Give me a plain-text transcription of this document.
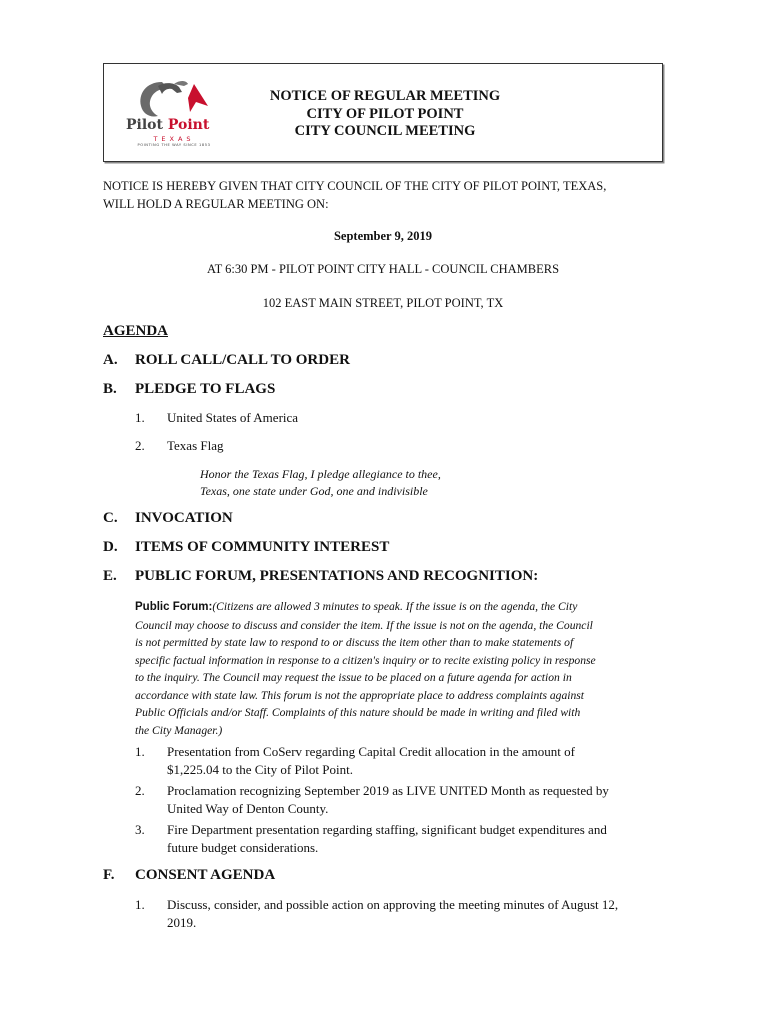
Pilot Point
TEXAS
POINTING THE WAY SINCE 1853
NOTICE OF REGULAR MEETING
CITY OF PILOT POINT
CITY COUNCIL MEETING
NOTICE IS HEREBY GIVEN THAT CITY COUNCIL OF THE CITY OF PILOT POINT, TEXAS,
WILL HOLD A REGULAR MEETING ON:
September 9, 2019
AT 6:30 PM - PILOT POINT CITY HALL - COUNCIL CHAMBERS
102 EAST MAIN STREET, PILOT POINT, TX
AGENDA
A. ROLL CALL/CALL TO ORDER
B. PLEDGE TO FLAGS
1. United States of America
2. Texas Flag
Honor the Texas Flag, I pledge allegiance to thee,
Texas, one state under God, one and indivisible
C. INVOCATION
D. ITEMS OF COMMUNITY INTEREST
E. PUBLIC FORUM, PRESENTATIONS AND RECOGNITION:
Public Forum:(Citizens are allowed 3 minutes to speak. If the issue is on the agenda, the City
Council may choose to discuss and consider the item. If the issue is not on the agenda, the Council
is not permitted by state law to respond to or discuss the item other than to make statements of
specific factual information in response to a citizen's inquiry or to recite existing policy in response
to the inquiry. The Council may request the issue to be placed on a future agenda for action in
accordance with state law. This forum is not the appropriate place to address complaints against
Public Officials and/or Staff. Complaints of this nature should be made in writing and filed with
the City Manager.)
1. Presentation from CoServ regarding Capital Credit allocation in the amount of
$1,225.04 to the City of Pilot Point.
2. Proclamation recognizing September 2019 as LIVE UNITED Month as requested by
United Way of Denton County.
3. Fire Department presentation regarding staffing, significant budget expenditures and
future budget considerations.
F. CONSENT AGENDA
1. Discuss, consider, and possible action on approving the meeting minutes of August 12,
2019.
